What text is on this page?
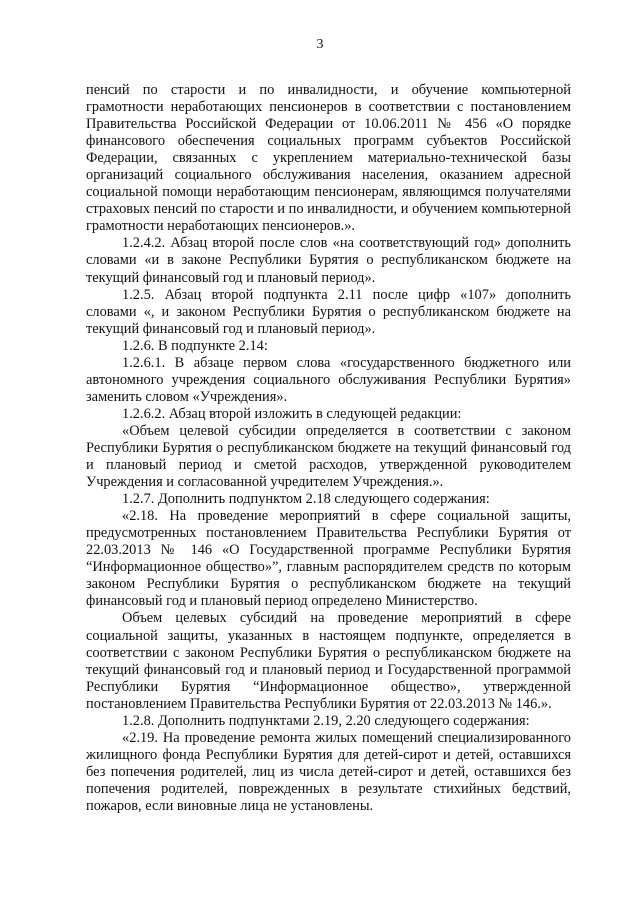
3

пенсий по старости и по инвалидности, и обучение компьютерной грамотности неработающих пенсионеров в соответствии с постановлением Правительства Российской Федерации от 10.06.2011 № 456 «О порядке финансового обеспечения социальных программ субъектов Российской Федерации, связанных с укреплением материально-технической базы организаций социального обслуживания населения, оказанием адресной социальной помощи неработающим пенсионерам, являющимся получателями страховых пенсий по старости и по инвалидности, и обучением компьютерной грамотности неработающих пенсионеров.».

1.2.4.2. Абзац второй после слов «на соответствующий год» дополнить словами «и в законе Республики Бурятия о республиканском бюджете на текущий финансовый год и плановый период».

1.2.5. Абзац второй подпункта 2.11 после цифр «107» дополнить словами «, и законом Республики Бурятия о республиканском бюджете на текущий финансовый год и плановый период».

1.2.6. В подпункте 2.14:

1.2.6.1. В абзаце первом слова «государственного бюджетного или автономного учреждения социального обслуживания Республики Бурятия» заменить словом «Учреждения».

1.2.6.2. Абзац второй изложить в следующей редакции:

«Объем целевой субсидии определяется в соответствии с законом Республики Бурятия о республиканском бюджете на текущий финансовый год и плановый период и сметой расходов, утвержденной руководителем Учреждения и согласованной учредителем Учреждения.».

1.2.7. Дополнить подпунктом 2.18 следующего содержания:

«2.18. На проведение мероприятий в сфере социальной защиты, предусмотренных постановлением Правительства Республики Бурятия от 22.03.2013 № 146 «О Государственной программе Республики Бурятия “Информационное общество»”, главным распорядителем средств по которым законом Республики Бурятия о республиканском бюджете на текущий финансовый год и плановый период определено Министерство.

Объем целевых субсидий на проведение мероприятий в сфере социальной защиты, указанных в настоящем подпункте, определяется в соответствии с законом Республики Бурятия о республиканском бюджете на текущий финансовый год и плановый период и Государственной программой Республики Бурятия “Информационное общество», утвержденной постановлением Правительства Республики Бурятия от 22.03.2013 № 146.».

1.2.8. Дополнить подпунктами 2.19, 2.20 следующего содержания:

«2.19. На проведение ремонта жилых помещений специализированного жилищного фонда Республики Бурятия для детей-сирот и детей, оставшихся без попечения родителей, лиц из числа детей-сирот и детей, оставшихся без попечения родителей, поврежденных в результате стихийных бедствий, пожаров, если виновные лица не установлены.
